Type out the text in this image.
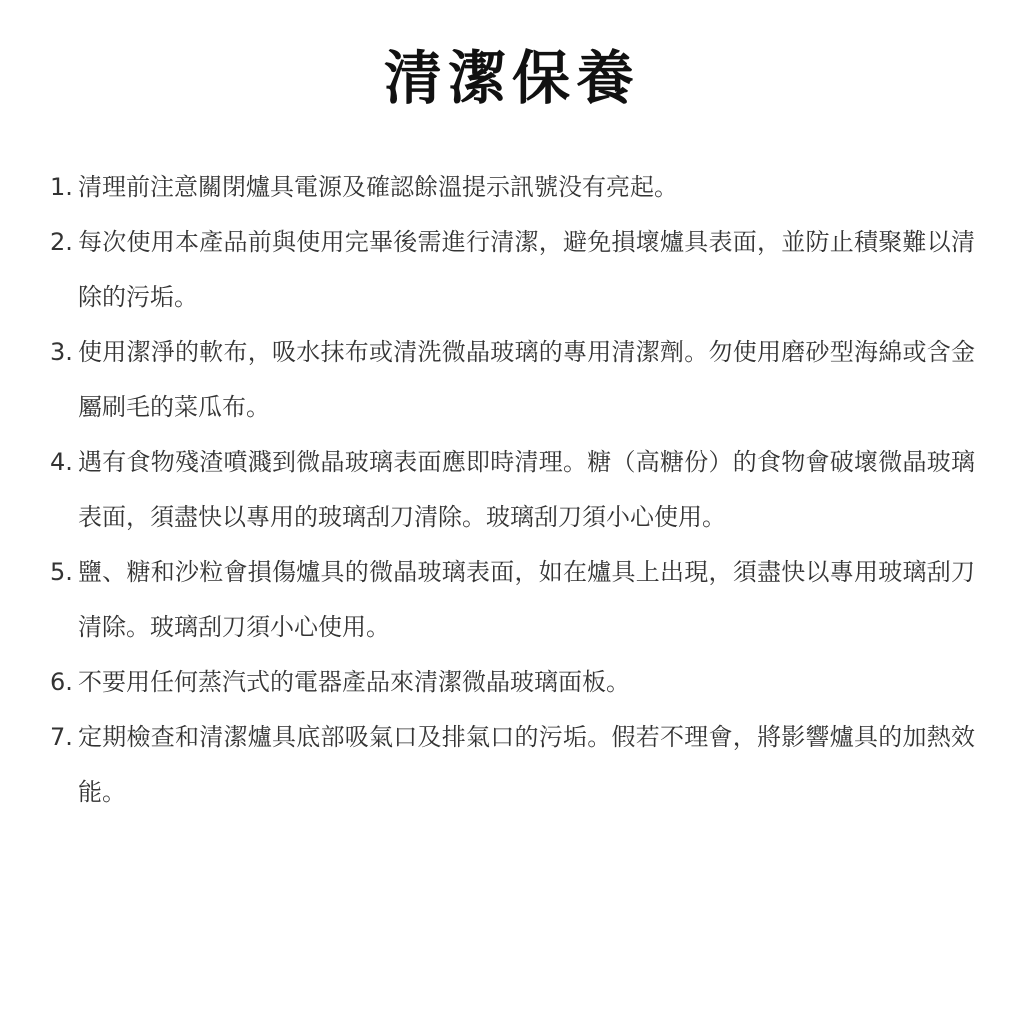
清潔保養
1. 清理前注意關閉爐具電源及確認餘溫提示訊號没有亮起。
2. 每次使用本產品前與使用完畢後需進行清潔，避免損壞爐具表面，並防止積聚難以清除的污垢。
3. 使用潔淨的軟布，吸水抹布或清洗微晶玻璃的專用清潔劑。勿使用磨砂型海綿或含金屬刷毛的菜瓜布。
4. 遇有食物殘渣噴濺到微晶玻璃表面應即時清理。糖（高糖份）的食物會破壞微晶玻璃表面，須盡快以專用的玻璃刮刀清除。玻璃刮刀須小心使用。
5. 鹽、糖和沙粒會損傷爐具的微晶玻璃表面，如在爐具上出現，須盡快以專用玻璃刮刀清除。玻璃刮刀須小心使用。
6. 不要用任何蒸汽式的電器產品來清潔微晶玻璃面板。
7. 定期檢查和清潔爐具底部吸氣口及排氣口的污垢。假若不理會，將影響爐具的加熱效能。
